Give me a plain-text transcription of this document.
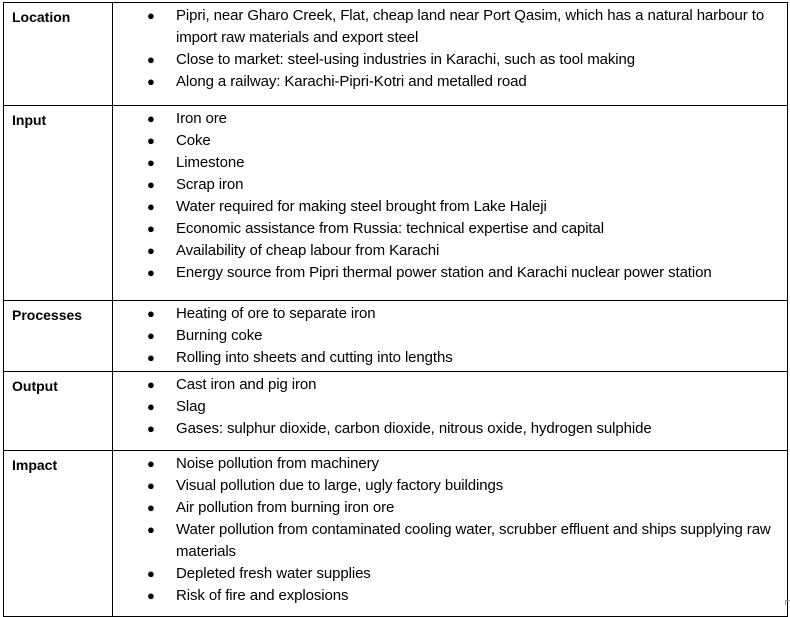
Location	● Pipri, near Gharo Creek, Flat, cheap land near Port Qasim, which has a natural harbour to import raw materials and export steel
● Close to market: steel-using industries in Karachi, such as tool making
● Along a railway: Karachi-Pipri-Kotri and metalled road

Input	● Iron ore
● Coke
● Limestone
● Scrap iron
● Water required for making steel brought from Lake Haleji
● Economic assistance from Russia: technical expertise and capital
● Availability of cheap labour from Karachi
● Energy source from Pipri thermal power station and Karachi nuclear power station

Processes	● Heating of ore to separate iron
● Burning coke
● Rolling into sheets and cutting into lengths

Output	● Cast iron and pig iron
● Slag
● Gases: sulphur dioxide, carbon dioxide, nitrous oxide, hydrogen sulphide

Impact	● Noise pollution from machinery
● Visual pollution due to large, ugly factory buildings
● Air pollution from burning iron ore
● Water pollution from contaminated cooling water, scrubber effluent and ships supplying raw materials
● Depleted fresh water supplies
● Risk of fire and explosions
